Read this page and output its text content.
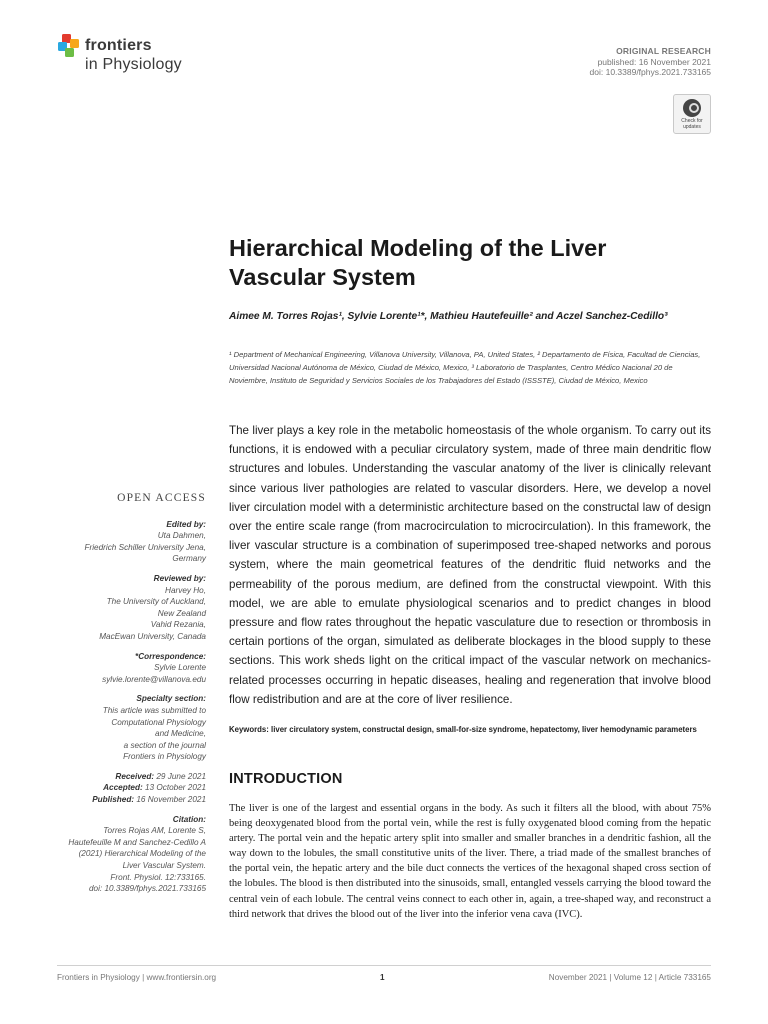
frontiers
in Physiology
ORIGINAL RESEARCH
published: 16 November 2021
doi: 10.3389/fphys.2021.733165
Check for
updates
Hierarchical Modeling of the Liver Vascular System
Aimee M. Torres Rojas¹, Sylvie Lorente¹*, Mathieu Hautefeuille² and Aczel Sanchez-Cedillo³
¹ Department of Mechanical Engineering, Villanova University, Villanova, PA, United States, ² Departamento de Física, Facultad de Ciencias, Universidad Nacional Autónoma de México, Ciudad de México, Mexico, ³ Laboratorio de Trasplantes, Centro Médico Nacional 20 de Noviembre, Instituto de Seguridad y Servicios Sociales de los Trabajadores del Estado (ISSSTE), Ciudad de México, Mexico
The liver plays a key role in the metabolic homeostasis of the whole organism. To carry out its functions, it is endowed with a peculiar circulatory system, made of three main dendritic flow structures and lobules. Understanding the vascular anatomy of the liver is clinically relevant since various liver pathologies are related to vascular disorders. Here, we develop a novel liver circulation model with a deterministic architecture based on the constructal law of design over the entire scale range (from macrocirculation to microcirculation). In this framework, the liver vascular structure is a combination of superimposed tree-shaped networks and porous system, where the main geometrical features of the dendritic fluid networks and the permeability of the porous medium, are defined from the constructal viewpoint. With this model, we are able to emulate physiological scenarios and to predict changes in blood pressure and flow rates throughout the hepatic vasculature due to resection or thrombosis in certain portions of the organ, simulated as deliberate blockages in the blood supply to these sections. This work sheds light on the critical impact of the vascular network on mechanics-related processes occurring in hepatic diseases, healing and regeneration that involve blood flow redistribution and are at the core of liver resilience.
Keywords: liver circulatory system, constructal design, small-for-size syndrome, hepatectomy, liver hemodynamic parameters
INTRODUCTION
The liver is one of the largest and essential organs in the body. As such it filters all the blood, with about 75% being deoxygenated blood from the portal vein, while the rest is fully oxygenated blood coming from the hepatic artery. The portal vein and the hepatic artery split into smaller and smaller branches in a dendritic fashion, all the way down to the lobules, the small constitutive units of the liver. There, a triad made of the smallest branches of the portal vein, the hepatic artery and the bile duct connects the vertices of the hexagonal shaped cross section of the lobules. The blood is then distributed into the sinusoids, small, entangled vessels carrying the blood toward the central vein of each lobule. The central veins connect to each other in, again, a tree-shaped way, and reconstruct a third network that drives the blood out of the liver into the inferior vena cava (IVC).
OPEN ACCESS
Edited by:
Uta Dahmen,
Friedrich Schiller University Jena,
Germany
Reviewed by:
Harvey Ho,
The University of Auckland,
New Zealand
Vahid Rezania,
MacEwan University, Canada
*Correspondence:
Sylvie Lorente
sylvie.lorente@villanova.edu
Specialty section:
This article was submitted to
Computational Physiology
and Medicine,
a section of the journal
Frontiers in Physiology
Received: 29 June 2021
Accepted: 13 October 2021
Published: 16 November 2021
Citation:
Torres Rojas AM, Lorente S,
Hautefeuille M and Sanchez-Cedillo A
(2021) Hierarchical Modeling of the
Liver Vascular System.
Front. Physiol. 12:733165.
doi: 10.3389/fphys.2021.733165
Frontiers in Physiology | www.frontiersin.org	1	November 2021 | Volume 12 | Article 733165
